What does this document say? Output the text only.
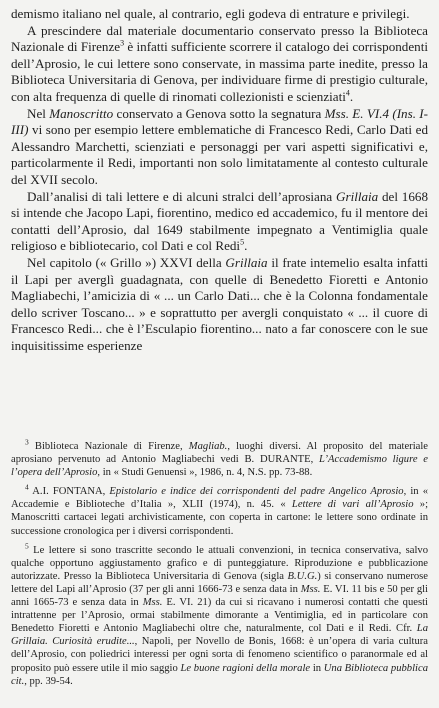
demismo italiano nel quale, al contrario, egli godeva di entrature e privilegi.

A prescindere dal materiale documentario conservato presso la Biblioteca Nazionale di Firenze$^3$ è infatti sufficiente scorrere il catalogo dei corrispondenti dell’Aprosio, le cui lettere sono conservate, in massima parte inedite, presso la Biblioteca Universitaria di Genova, per individuare firme di prestigio culturale, con alta frequenza di quelle di rinomati collezionisti e scienziati$^4$.

Nel Manoscritto conservato a Genova sotto la segnatura Mss. E. VI.4 (Ins. I-III) vi sono per esempio lettere emblematiche di Francesco Redi, Carlo Dati ed Alessandro Marchetti, scienziati e personaggi per vari aspetti significativi e, particolarmente il Redi, importanti non solo limitatamente al contesto culturale del XVII secolo.

Dall’analisi di tali lettere e di alcuni stralci dell’aprosiana Grillaia del 1668 si intende che Jacopo Lapi, fiorentino, medico ed accademico, fu il mentore dei contatti dell’Aprosio, dal 1649 stabilmente impegnato a Ventimiglia quale religioso e bibliotecario, col Dati e col Redi$^5$.

Nel capitolo (« Grillo ») XXVI della Grillaia il frate intemelio esalta infatti il Lapi per averglì guadagnata, con quelle di Benedetto Fioretti e Antonio Magliabechi, l’amicizia di « ... un Carlo Dati... che è la Colonna fondamentale dello scriver Toscano... » e soprattutto per avergli conquistato « ... il cuore di Francesco Redi... che è l’Esculapio fiorentino... nato a far conoscere con le sue inquisitissime esperienze

$^3$ Biblioteca Nazionale di Firenze, Magliab., luoghi diversi. Al proposito del materiale aprosiano pervenuto ad Antonio Magliabechi vedi B. DURANTE, L’Accademismo ligure e l’opera dell’Aprosio, in « Studi Genuensi », 1986, n. 4, N.S. pp. 73-88.

$^4$ A.I. FONTANA, Epistolario e indice dei corrispondenti del padre Angelico Aprosio, in « Accademie e Biblioteche d’Italia », XLII (1974), n. 45. « Lettere di vari all’Aprosio »; Manoscritti cartacei legati archivisticamente, con coperta in cartone: le lettere sono ordinate in successione cronologica per i diversi corrispondenti.

$^5$ Le lettere si sono trascritte secondo le attuali convenzioni, in tecnica conservativa, salvo qualche opportuno aggiustamento grafico e di punteggiature. Riproduzione e pubblicazione autorizzate. Presso la Biblioteca Universitaria di Genova (sigla B.U.G.) si conservano numerose lettere del Lapi all’Aprosio (37 per gli anni 1666-73 e senza data in Mss. E. VI. 11 bis e 50 per gli anni 1665-73 e senza data in Mss. E. VI. 21) da cui si ricavano i numerosi contatti che questi intrattenne per l’Aprosio, ormai stabilmente dimorante a Ventimiglia, ed in particolare con Benedetto Fioretti e Antonio Magliabechi oltre che, naturalmente, col Dati e il Redi. Cfr. La Grillaia. Curiosità erudite..., Napoli, per Novello de Bonis, 1668: è un’opera di varia cultura dell’Aprosio, con poliedrici interessi per ogni sorta di fenomeno scientifico o paranormale ed al proposito può essere utile il mio saggio Le buone ragioni della morale in Una Biblioteca pubblica cit., pp. 39-54.
